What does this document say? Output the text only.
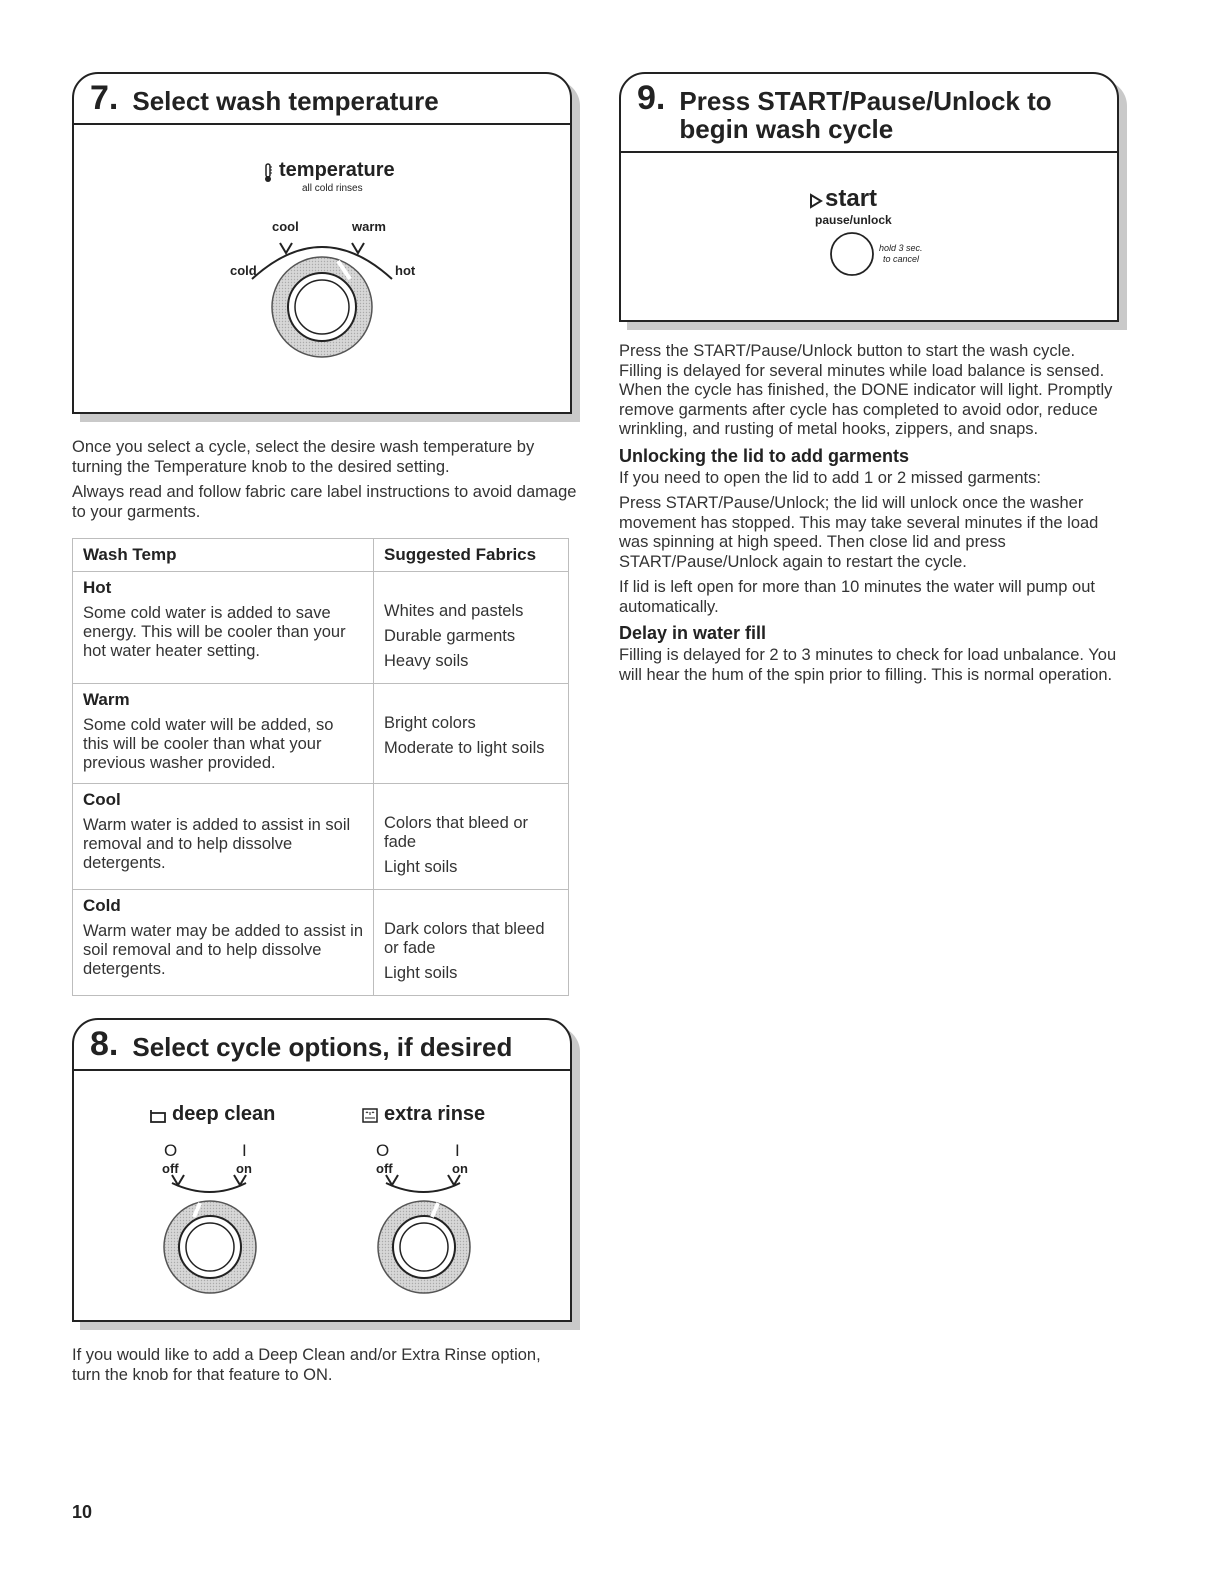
7. Select wash temperature
temperature
all cold rinses
cool	warm
cold	hot

Once you select a cycle, select the desire wash temperature by turning the Temperature knob to the desired setting.

Always read and follow fabric care label instructions to avoid damage to your garments.

Wash Temp	Suggested Fabrics

Hot
Some cold water is added to save energy. This will be cooler than your hot water heater setting.	Whites and pastels
Durable garments
Heavy soils

Warm
Some cold water will be added, so this will be cooler than what your previous washer provided.	Bright colors
Moderate to light soils

Cool
Warm water is added to assist in soil removal and to help dissolve detergents.	Colors that bleed or fade
Light soils

Cold
Warm water may be added to assist in soil removal and to help dissolve detergents.	Dark colors that bleed or fade
Light soils
8. Select cycle options, if desired
deep clean
O	I
off	on
extra rinse
O	I
off	on

If you would like to add a Deep Clean and/or Extra Rinse option, turn the knob for that feature to ON.

9. Press START/Pause/Unlock to
begin wash cycle
start
pause/unlock
hold 3 sec.
to cancel

Press the START/Pause/Unlock button to start the wash cycle. Filling is delayed for several minutes while load balance is sensed. When the cycle has finished, the DONE indicator will light. Promptly remove garments after cycle has completed to avoid odor, reduce wrinkling, and rusting of metal hooks, zippers, and snaps.

Unlocking the lid to add garments

If you need to open the lid to add 1 or 2 missed garments:

Press START/Pause/Unlock; the lid will unlock once the washer movement has stopped. This may take several minutes if the load was spinning at high speed. Then close lid and press START/Pause/Unlock again to restart the cycle.

If lid is left open for more than 10 minutes the water will pump out automatically.

Delay in water fill

Filling is delayed for 2 to 3 minutes to check for load unbalance. You will hear the hum of the spin prior to filling. This is normal operation.

10
